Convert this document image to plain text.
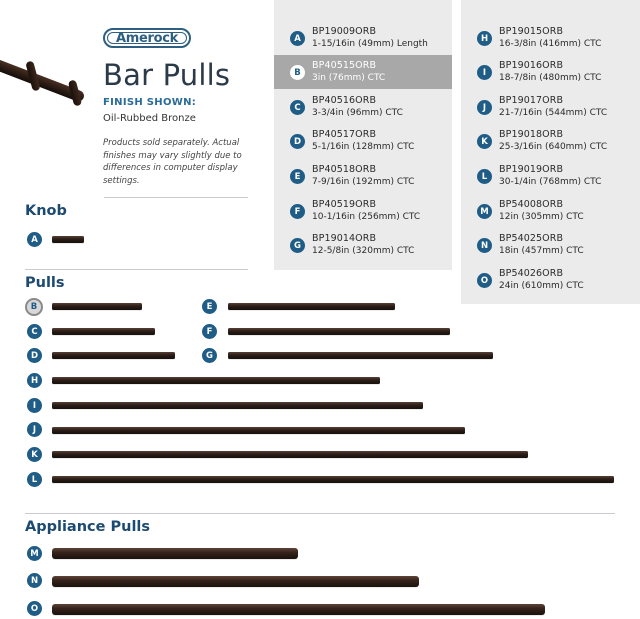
Amerock
Bar Pulls
FINISH SHOWN:
Oil-Rubbed Bronze
Products sold separately. Actual finishes may vary slightly due to differences in computer display settings.
A
BP19009ORB
1-15/16in (49mm) Length
B
BP40515ORB
3in (76mm) CTC
C
BP40516ORB
3-3/4in (96mm) CTC
D
BP40517ORB
5-1/16in (128mm) CTC
E
BP40518ORB
7-9/16in (192mm) CTC
F
BP40519ORB
10-1/16in (256mm) CTC
G
BP19014ORB
12-5/8in (320mm) CTC
H
BP19015ORB
16-3/8in (416mm) CTC
I
BP19016ORB
18-7/8in (480mm) CTC
J
BP19017ORB
21-7/16in (544mm) CTC
K
BP19018ORB
25-3/16in (640mm) CTC
L
BP19019ORB
30-1/4in (768mm) CTC
M
BP54008ORB
12in (305mm) CTC
N
BP54025ORB
18in (457mm) CTC
O
BP54026ORB
24in (610mm) CTC
Knob
A
Pulls
B
C
D
E
F
G
H
I
J
K
L
Appliance Pulls
M
N
O
